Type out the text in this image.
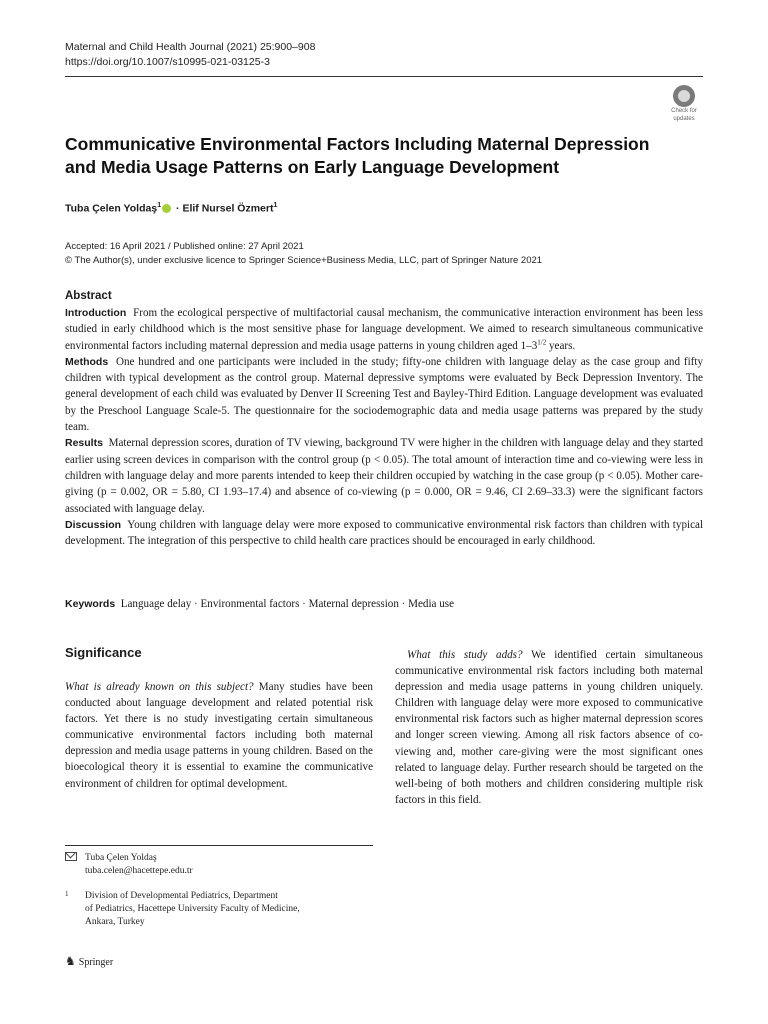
Maternal and Child Health Journal (2021) 25:900–908
https://doi.org/10.1007/s10995-021-03125-3
Check for
updates
Communicative Environmental Factors Including Maternal Depression
and Media Usage Patterns on Early Language Development
Tuba Çelen Yoldaş$^1$ · Elif Nursel Özmert$^1$
Accepted: 16 April 2021 / Published online: 27 April 2021
© The Author(s), under exclusive licence to Springer Science+Business Media, LLC, part of Springer Nature 2021
Abstract

Introduction From the ecological perspective of multifactorial causal mechanism, the communicative interaction environment has been less studied in early childhood which is the most sensitive phase for language development. We aimed to research simultaneous communicative environmental factors including maternal depression and media usage patterns in young children aged $1-3^{1/2}$ years.

Methods One hundred and one participants were included in the study; fifty-one children with language delay as the case group and fifty children with typical development as the control group. Maternal depressive symptoms were evaluated by Beck Depression Inventory. The general development of each child was evaluated by Denver II Screening Test and Bayley-Third Edition. Language development was evaluated by the Preschool Language Scale-5. The questionnaire for the sociodemographic data and media usage patterns was prepared by the study team.

Results Maternal depression scores, duration of TV viewing, background TV were higher in the children with language delay and they started earlier using screen devices in comparison with the control group (p < 0.05). The total amount of interaction time and co-viewing were less in children with language delay and more parents intended to keep their children occupied by watching in the case group (p < 0.05). Mother care-giving (p = 0.002, OR = 5.80, CI 1.93–17.4) and absence of co-viewing (p = 0.000, OR = 9.46, CI 2.69–33.3) were the significant factors associated with language delay.

Discussion Young children with language delay were more exposed to communicative environmental risk factors than children with typical development. The integration of this perspective to child health care practices should be encouraged in early childhood.

Keywords Language delay · Environmental factors · Maternal depression · Media use
Significance

What is already known on this subject? Many studies have been conducted about language development and related potential risk factors. Yet there is no study investigating certain simultaneous communicative environmental factors including both maternal depression and media usage patterns in young children. Based on the bioecological theory it is essential to examine the communicative environment of children for optimal development.

What this study adds? We identified certain simultaneous communicative environmental risk factors including both maternal depression and media usage patterns in young children uniquely. Children with language delay were more exposed to communicative environmental risk factors such as higher maternal depression scores and longer screen viewing. Among all risk factors absence of co-viewing and, mother care-giving were the most significant ones related to language delay. Further research should be targeted on the well-being of both mothers and children considering multiple risk factors in this field.

Tuba Çelen Yoldaş
tuba.celen@hacettepe.edu.tr
1	Division of Developmental Pediatrics, Department
of Pediatrics, Hacettepe University Faculty of Medicine,
Ankara, Turkey
♞ Springer
